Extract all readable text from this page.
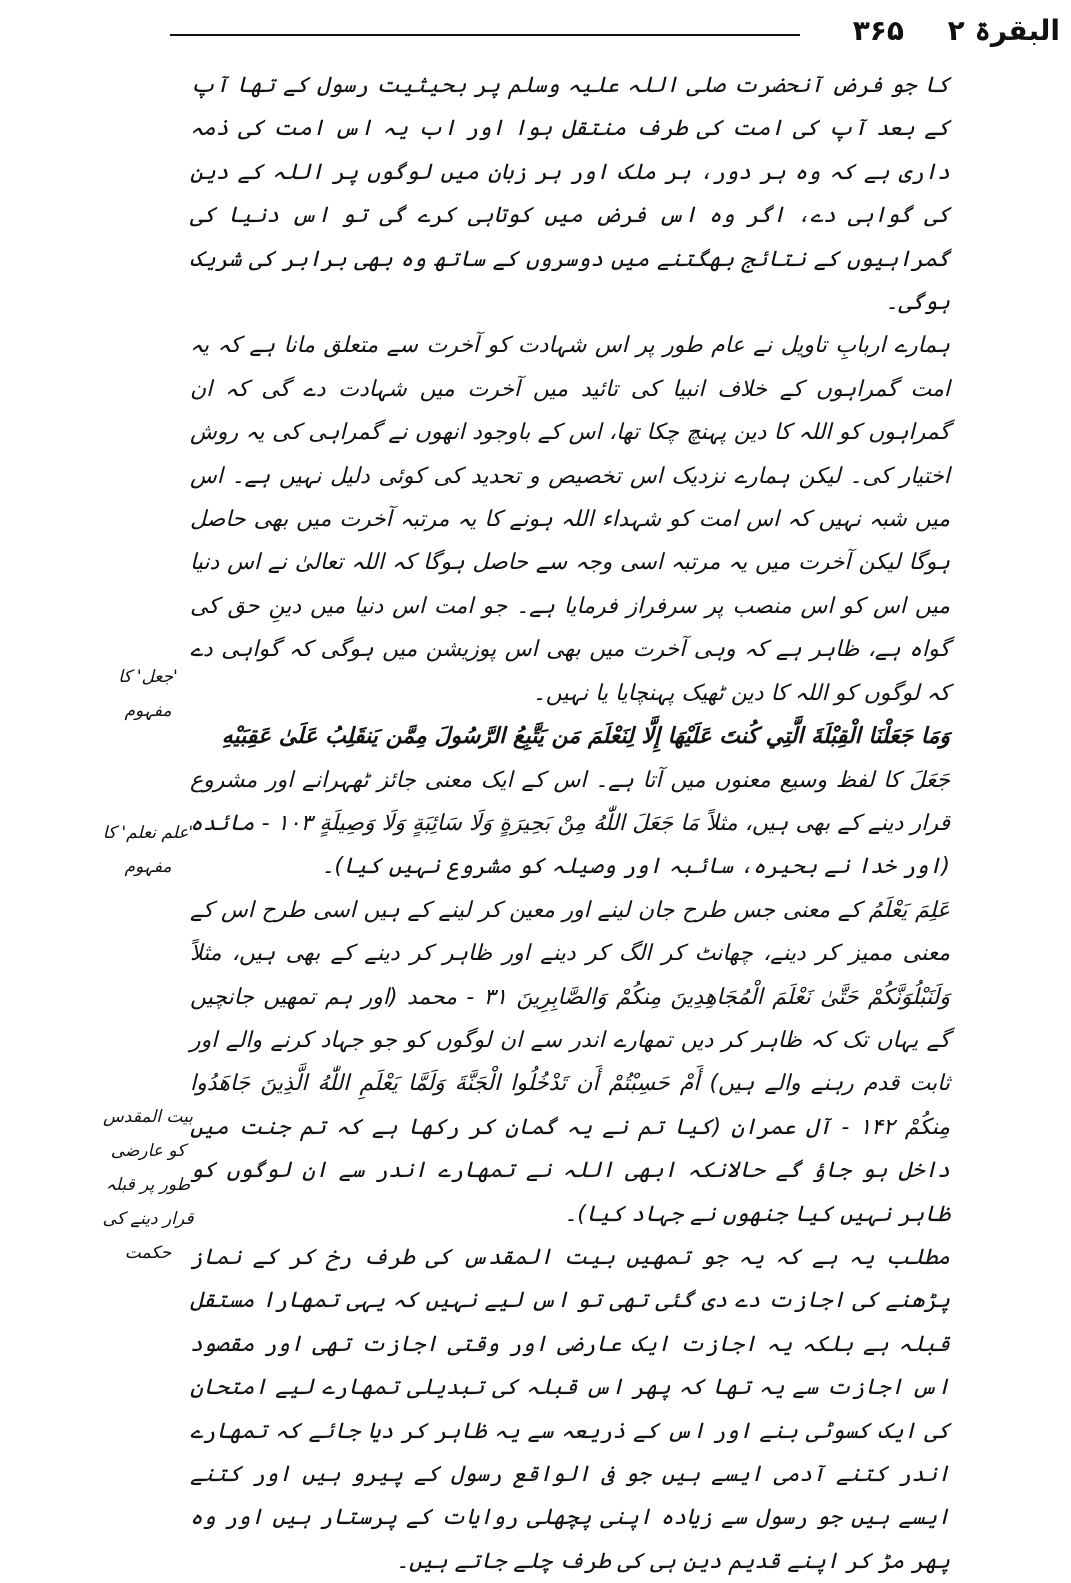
۳۶۵ البقرۃ ۲

کا جو فرض آنحضرت صلی اللہ علیہ وسلم پر بحیثیت رسول کے تھا آپ کے بعد آپ کی امت کی طرف منتقل ہوا اور اب یہ اس امت کی ذمہ داری ہے کہ وہ ہر دور، ہر ملک اور ہر زبان میں لوگوں پر اللہ کے دین کی گواہی دے، اگر وہ اس فرض میں کوتاہی کرے گی تو اس دنیا کی گمراہیوں کے نتائج بھگتنے میں دوسروں کے ساتھ وہ بھی برابر کی شریک ہوگی۔

ہمارے اربابِ تاویل نے عام طور پر اس شہادت کو آخرت سے متعلق مانا ہے کہ یہ امت گمراہوں کے خلاف انبیا کی تائید میں آخرت میں شہادت دے گی کہ ان گمراہوں کو اللہ کا دین پہنچ چکا تھا، اس کے باوجود انھوں نے گمراہی کی یہ روش اختیار کی۔ لیکن ہمارے نزدیک اس تخصیص و تحدید کی کوئی دلیل نہیں ہے۔ اس میں شبہ نہیں کہ اس امت کو شہداء اللہ ہونے کا یہ مرتبہ آخرت میں بھی حاصل ہوگا لیکن آخرت میں یہ مرتبہ اسی وجہ سے حاصل ہوگا کہ اللہ تعالیٰ نے اس دنیا میں اس کو اس منصب پر سرفراز فرمایا ہے۔ جو امت اس دنیا میں دینِ حق کی گواہ ہے، ظاہر ہے کہ وہی آخرت میں بھی اس پوزیشن میں ہوگی کہ گواہی دے کہ لوگوں کو اللہ کا دین ٹھیک پہنچایا یا نہیں۔

وَمَا جَعَلْنَا الْقِبْلَةَ الَّتِي كُنتَ عَلَيْهَا إِلَّا لِنَعْلَمَ مَن يَتَّبِعُ الرَّسُولَ مِمَّن يَنقَلِبُ عَلَىٰ عَقِبَيْهِ

جَعَلَ کا لفظ وسیع معنوں میں آتا ہے۔ اس کے ایک معنی جائز ٹھہرانے اور مشروع قرار دینے کے بھی ہیں، مثلاً مَا جَعَلَ اللّٰهُ مِنْ بَحِيرَةٍ وَلَا سَائِبَةٍ وَلَا وَصِيلَةٍ ۱۰۳ - مائدہ (اور خدا نے بحیرہ، سائبہ اور وصیلہ کو مشروع نہیں کیا)۔

عَلِمَ یَعْلَمُ کے معنی جس طرح جان لینے اور معین کر لینے کے ہیں اسی طرح اس کے معنی ممیز کر دینے، چھانٹ کر الگ کر دینے اور ظاہر کر دینے کے بھی ہیں، مثلاً وَلَنَبْلُوَنَّكُمْ حَتَّىٰ نَعْلَمَ الْمُجَاهِدِينَ مِنكُمْ وَالصَّابِرِينَ ۳۱ - محمد (اور ہم تمھیں جانچیں گے یہاں تک کہ ظاہر کر دیں تمھارے اندر سے ان لوگوں کو جو جہاد کرنے والے اور ثابت قدم رہنے والے ہیں) أَمْ حَسِبْتُمْ أَن تَدْخُلُوا الْجَنَّةَ وَلَمَّا يَعْلَمِ اللّٰهُ الَّذِينَ جَاهَدُوا مِنكُمْ ۱۴۲ - آل عمران (کیا تم نے یہ گمان کر رکھا ہے کہ تم جنت میں داخل ہو جاؤ گے حالانکہ ابھی اللہ نے تمھارے اندر سے ان لوگوں کو ظاہر نہیں کیا جنھوں نے جہاد کیا)۔

مطلب یہ ہے کہ یہ جو تمھیں بیت المقدس کی طرف رخ کر کے نماز پڑھنے کی اجازت دے دی گئی تھی تو اس لیے نہیں کہ یہی تمھارا مستقل قبلہ ہے بلکہ یہ اجازت ایک عارضی اور وقتی اجازت تھی اور مقصود اس اجازت سے یہ تھا کہ پھر اس قبلہ کی تبدیلی تمھارے لیے امتحان کی ایک کسوٹی بنے اور اس کے ذریعہ سے یہ ظاہر کر دیا جائے کہ تمھارے اندر کتنے آدمی ایسے ہیں جو فی الواقع رسول کے پیرو ہیں اور کتنے ایسے ہیں جو رسول سے زیادہ اپنی پچھلی روایات کے پرستار ہیں اور وہ پھر مڑ کر اپنے قدیم دین ہی کی طرف چلے جاتے ہیں۔

'جعل' کا مفہوم
'علم نعلم' کا مفہوم
بیت المقدس کو عارضی طور پر قبلہ قرار دینے کی حکمت
